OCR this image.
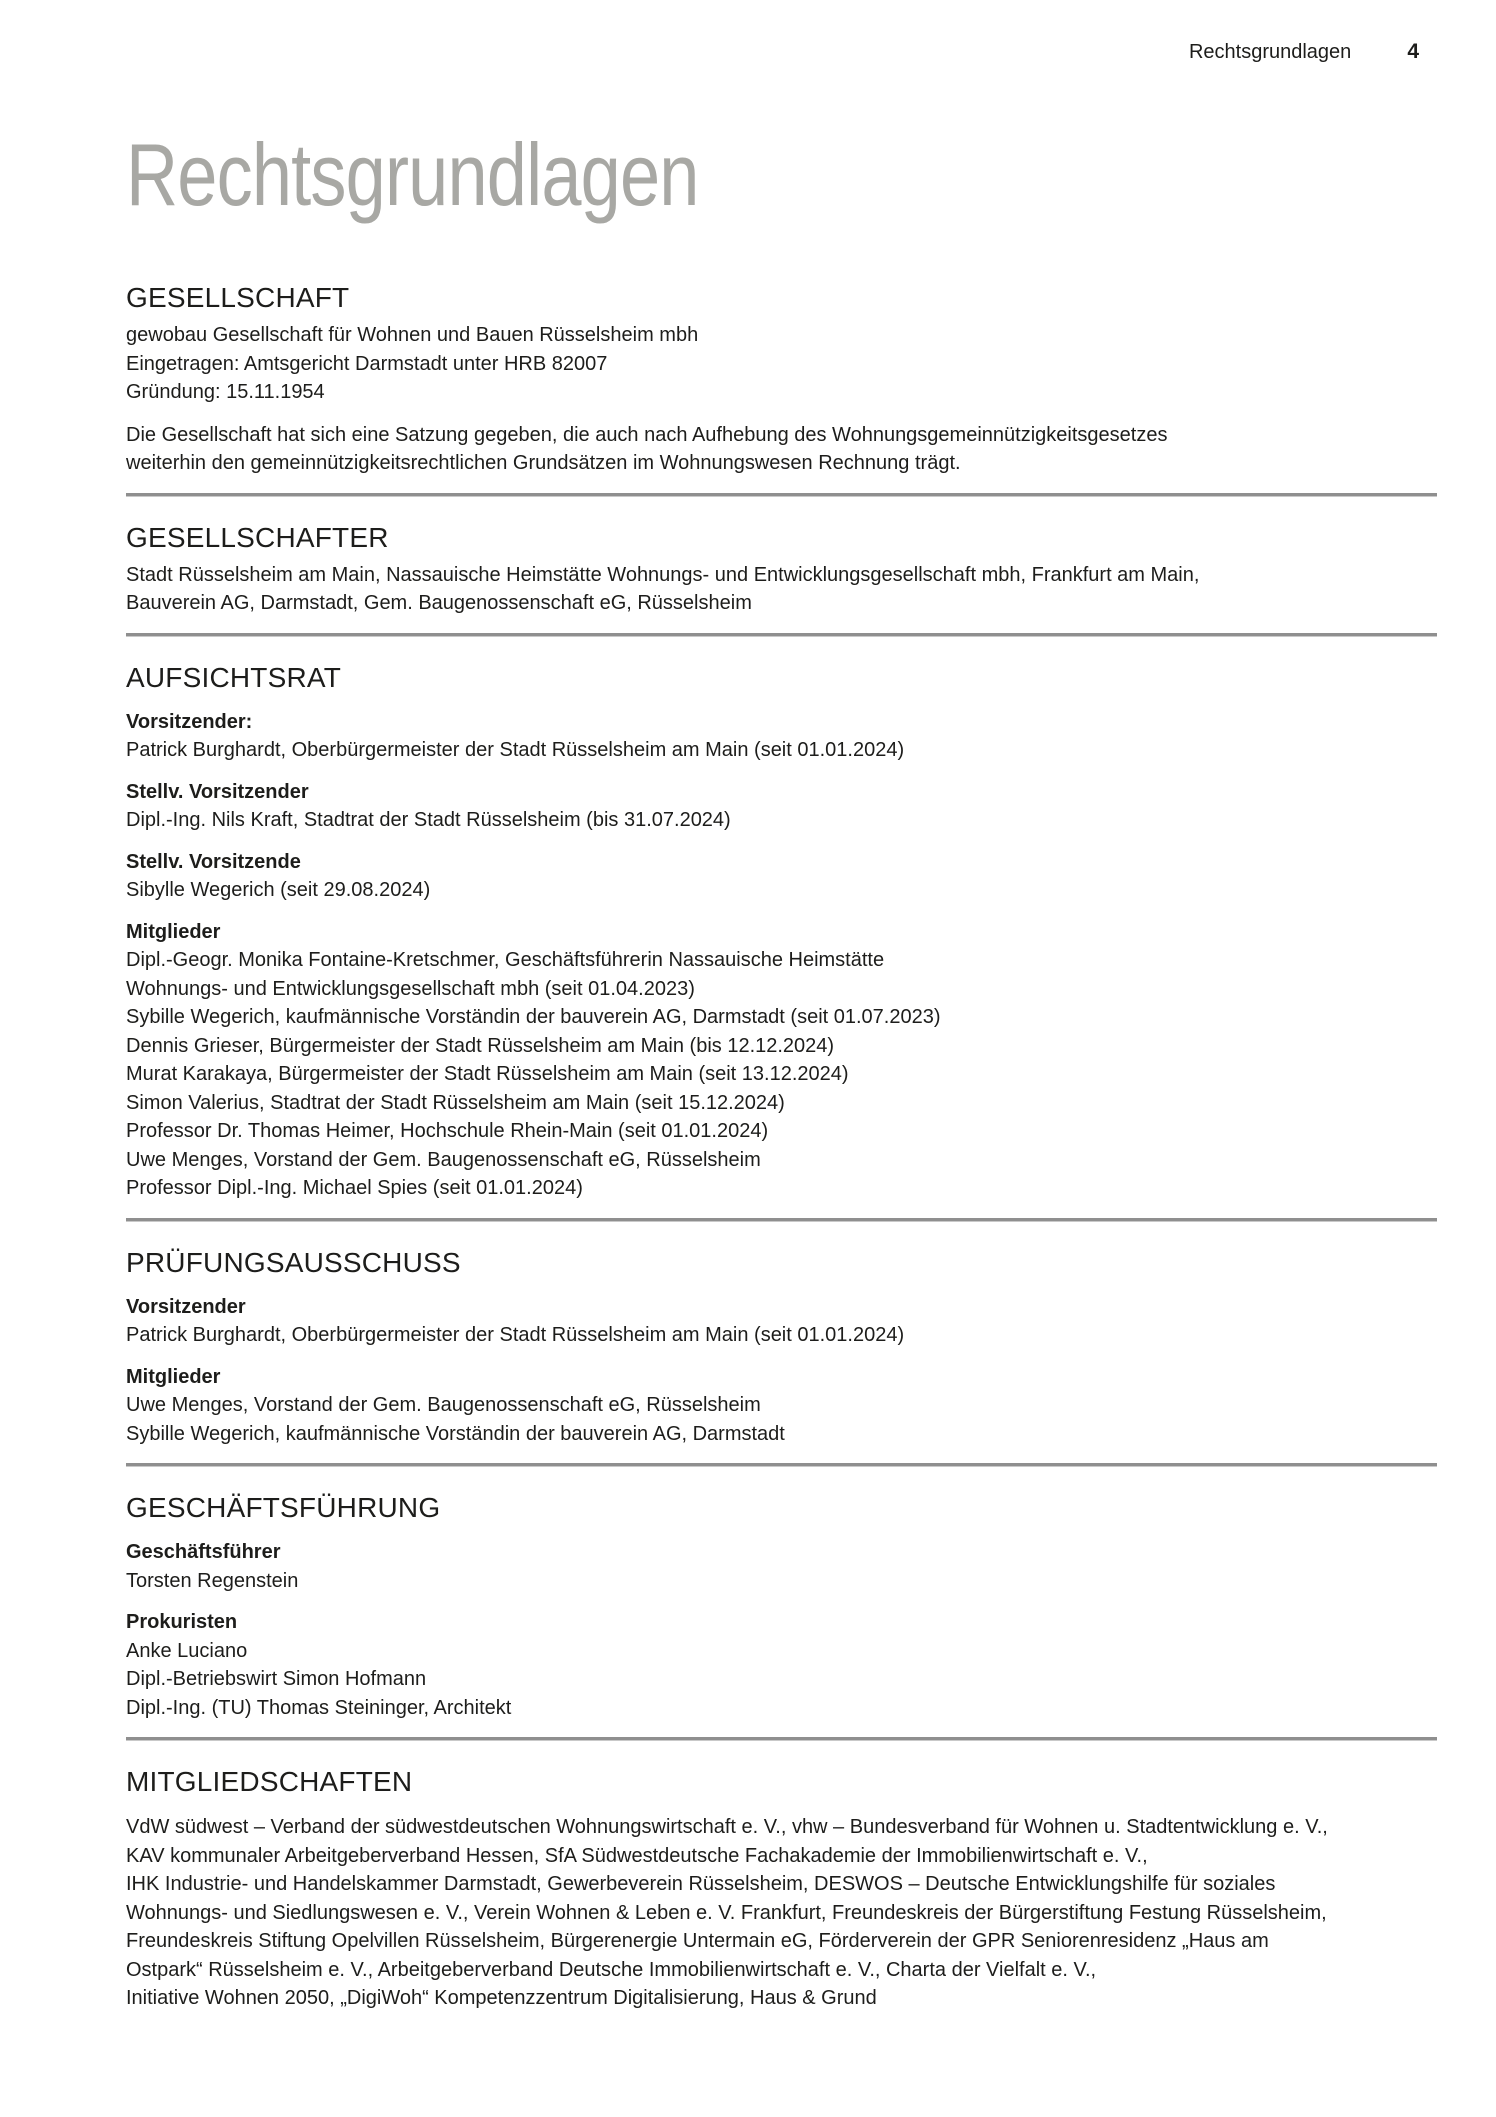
Rechtsgrundlagen	4
Rechtsgrundlagen
GESELLSCHAFT
gewobau Gesellschaft für Wohnen und Bauen Rüsselsheim mbh
Eingetragen: Amtsgericht Darmstadt unter HRB 82007
Gründung: 15.11.1954
Die Gesellschaft hat sich eine Satzung gegeben, die auch nach Aufhebung des Wohnungsgemeinnützigkeitsgesetzes
weiterhin den gemeinnützigkeitsrechtlichen Grundsätzen im Wohnungswesen Rechnung trägt.
GESELLSCHAFTER
Stadt Rüsselsheim am Main, Nassauische Heimstätte Wohnungs- und Entwicklungsgesellschaft mbh, Frankfurt am Main,
Bauverein AG, Darmstadt, Gem. Baugenossenschaft eG, Rüsselsheim
AUFSICHTSRAT
Vorsitzender:
Patrick Burghardt, Oberbürgermeister der Stadt Rüsselsheim am Main (seit 01.01.2024)
Stellv. Vorsitzender
Dipl.-Ing. Nils Kraft, Stadtrat der Stadt Rüsselsheim (bis 31.07.2024)
Stellv. Vorsitzende
Sibylle Wegerich (seit 29.08.2024)
Mitglieder
Dipl.-Geogr. Monika Fontaine-Kretschmer, Geschäftsführerin Nassauische Heimstätte
Wohnungs- und Entwicklungsgesellschaft mbh (seit 01.04.2023)
Sybille Wegerich, kaufmännische Vorständin der bauverein AG, Darmstadt (seit 01.07.2023)
Dennis Grieser, Bürgermeister der Stadt Rüsselsheim am Main (bis 12.12.2024)
Murat Karakaya, Bürgermeister der Stadt Rüsselsheim am Main (seit 13.12.2024)
Simon Valerius, Stadtrat der Stadt Rüsselsheim am Main (seit 15.12.2024)
Professor Dr. Thomas Heimer, Hochschule Rhein-Main (seit 01.01.2024)
Uwe Menges, Vorstand der Gem. Baugenossenschaft eG, Rüsselsheim
Professor Dipl.-Ing. Michael Spies (seit 01.01.2024)
PRÜFUNGSAUSSCHUSS
Vorsitzender
Patrick Burghardt, Oberbürgermeister der Stadt Rüsselsheim am Main (seit 01.01.2024)
Mitglieder
Uwe Menges, Vorstand der Gem. Baugenossenschaft eG, Rüsselsheim
Sybille Wegerich, kaufmännische Vorständin der bauverein AG, Darmstadt
GESCHÄFTSFÜHRUNG
Geschäftsführer
Torsten Regenstein
Prokuristen
Anke Luciano
Dipl.-Betriebswirt Simon Hofmann
Dipl.-Ing. (TU) Thomas Steininger, Architekt
MITGLIEDSCHAFTEN
VdW südwest – Verband der südwestdeutschen Wohnungswirtschaft e. V., vhw – Bundesverband für Wohnen u. Stadtentwicklung e. V.,
KAV kommunaler Arbeitgeberverband Hessen, SfA Südwestdeutsche Fachakademie der Immobilienwirtschaft e. V.,
IHK Industrie- und Handelskammer Darmstadt, Gewerbeverein Rüsselsheim, DESWOS – Deutsche Entwicklungshilfe für soziales
Wohnungs- und Siedlungswesen e. V., Verein Wohnen & Leben e. V. Frankfurt, Freundeskreis der Bürgerstiftung Festung Rüsselsheim,
Freundeskreis Stiftung Opelvillen Rüsselsheim, Bürgerenergie Untermain eG, Förderverein der GPR Seniorenresidenz „Haus am
Ostpark“ Rüsselsheim e. V., Arbeitgeberverband Deutsche Immobilienwirtschaft e. V., Charta der Vielfalt e. V.,
Initiative Wohnen 2050, „DigiWoh“ Kompetenzzentrum Digitalisierung, Haus & Grund
